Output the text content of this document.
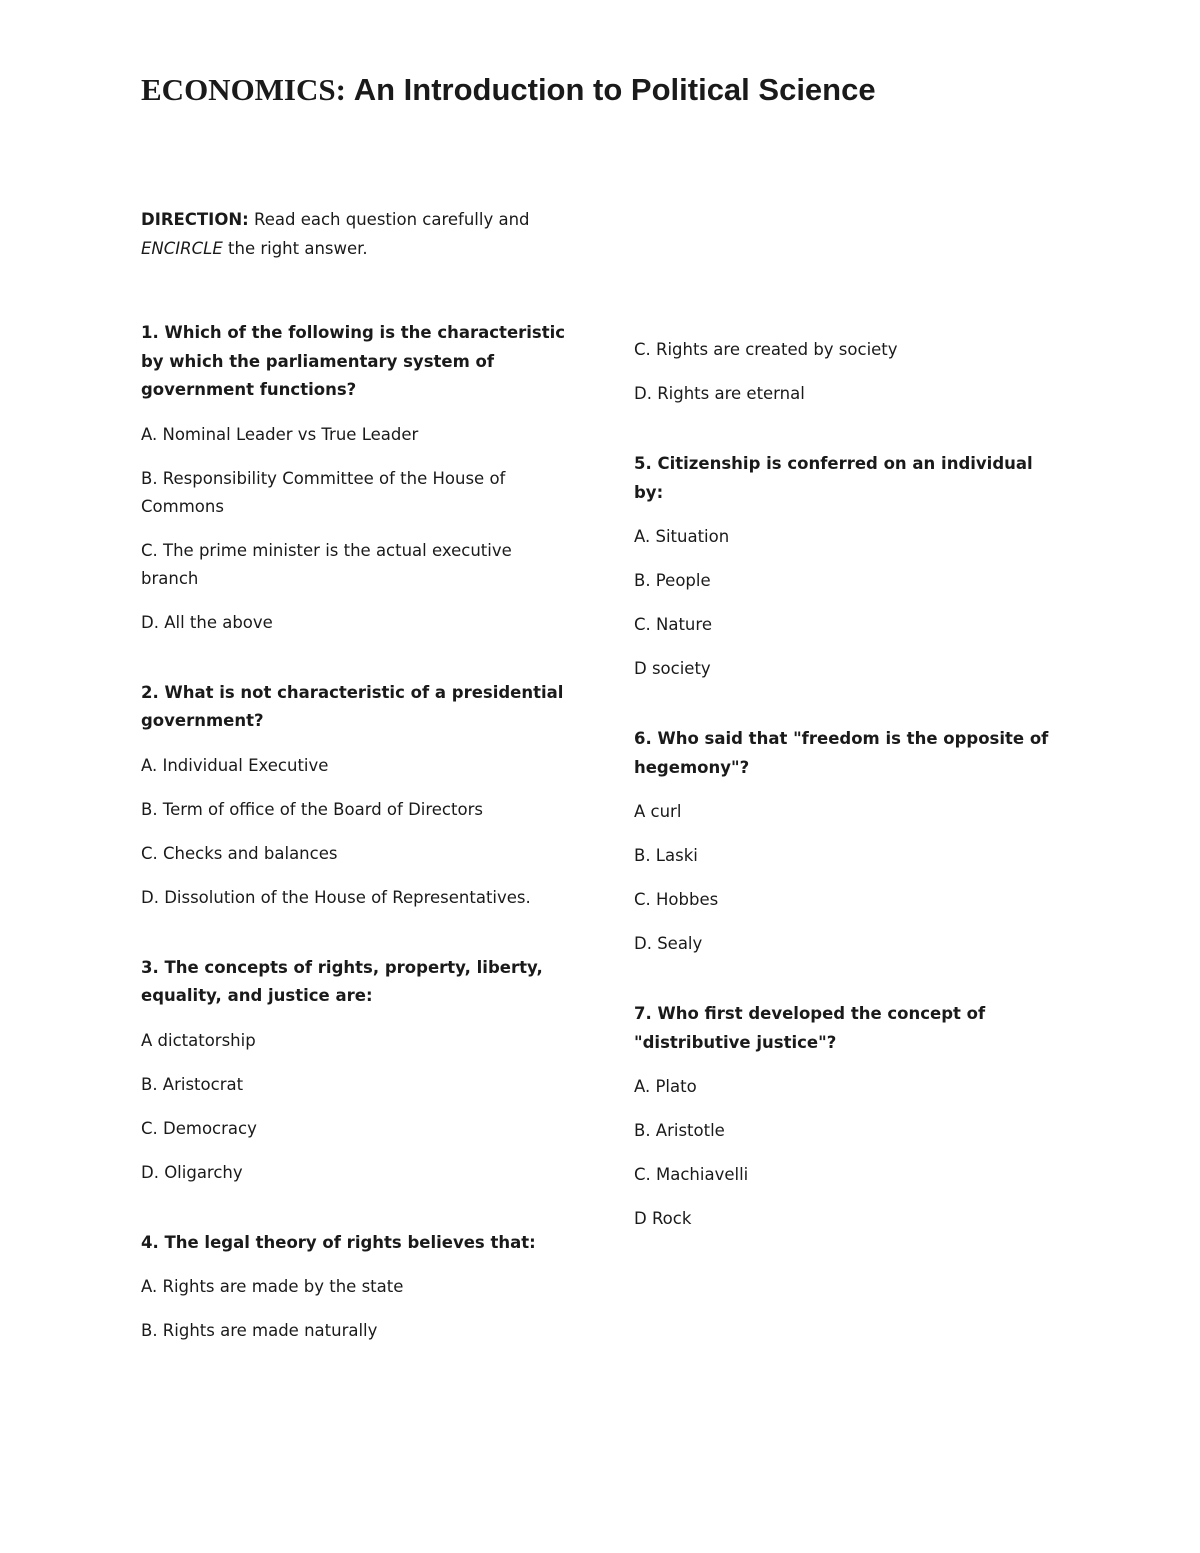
ECONOMICS: An Introduction to Political Science
DIRECTION: Read each question carefully and
ENCIRCLE the right answer.
1. Which of the following is the characteristic by which the parliamentary system of government functions?
A. Nominal Leader vs True Leader
B. Responsibility Committee of the House of Commons
C. The prime minister is the actual executive branch
D. All the above
2. What is not characteristic of a presidential government?
A. Individual Executive
B. Term of office of the Board of Directors
C. Checks and balances
D. Dissolution of the House of Representatives.
3. The concepts of rights, property, liberty, equality, and justice are:
A dictatorship
B. Aristocrat
C. Democracy
D. Oligarchy
4. The legal theory of rights believes that:
A. Rights are made by the state
B. Rights are made naturally
C. Rights are created by society
D. Rights are eternal
5. Citizenship is conferred on an individual by:
A. Situation
B. People
C. Nature
D society
6. Who said that "freedom is the opposite of hegemony"?
A curl
B. Laski
C. Hobbes
D. Sealy
7. Who first developed the concept of "distributive justice"?
A. Plato
B. Aristotle
C. Machiavelli
D Rock
